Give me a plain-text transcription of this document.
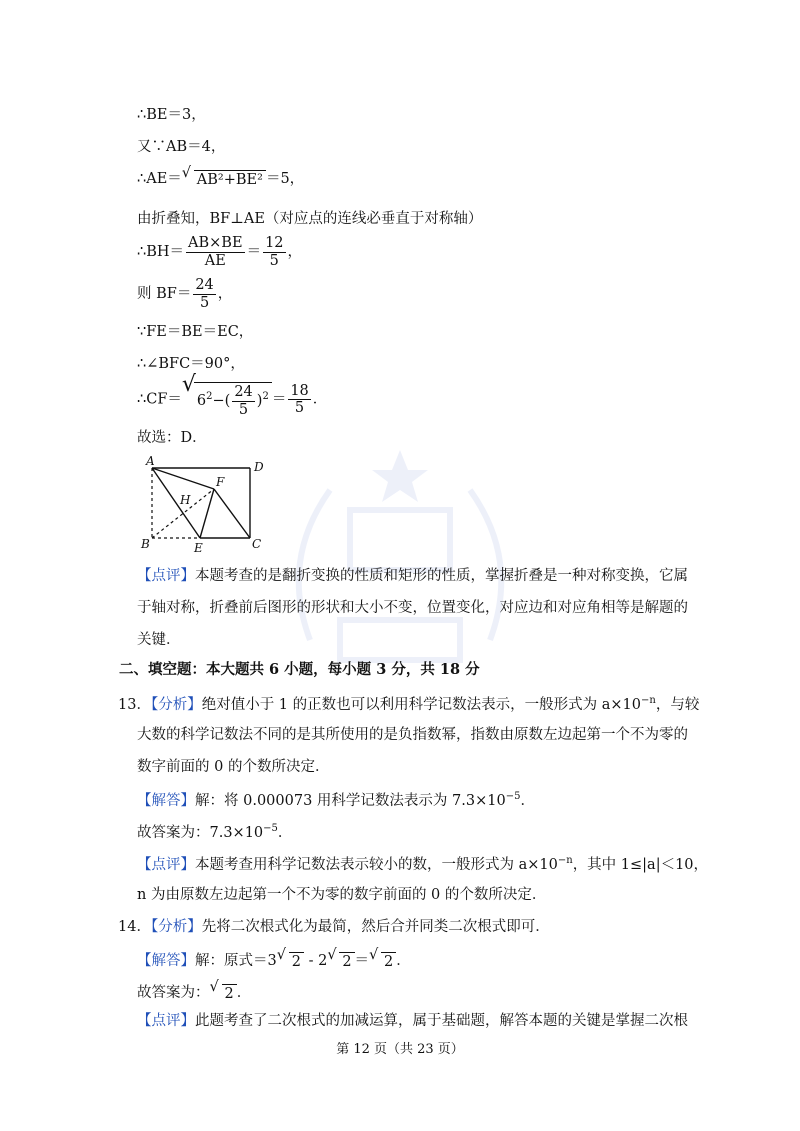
∴BE＝3，
又∵AB＝4，
∴AE＝ √ AB²+BE² ＝5，
由折叠知，BF⊥AE（对应点的连线必垂直于对称轴）
∴BH＝ $\frac{AB\times BE}{AE} = \frac{12}{5}$ ，
则 $BF= \frac{24}{5}$ ，
∵FE＝BE＝EC，
∴∠BFC＝90°，
∴CF＝
√
$6^2-( \frac{24}{5} )^2 = \frac{18}{5}$ ．
故选：D．
A	D
B	C
E
F
H
【点评】本题考查的是翻折变换的性质和矩形的性质，掌握折叠是一种对称变换，它属
于轴对称，折叠前后图形的形状和大小不变，位置变化，对应边和对应角相等是解题的
关键．
二、填空题：本大题共 6 小题，每小题 3 分，共 18 分
13．【分析】绝对值小于 1 的正数也可以利用科学记数法表示，一般形式为 $a\times 10^{-n}$，与较
大数的科学记数法不同的是其所使用的是负指数幂，指数由原数左边起第一个不为零的
数字前面的 0 的个数所决定．
【解答】解：将 0.000073 用科学记数法表示为 $7.3\times 10^{-5}$．
故答案为：$7.3\times 10^{-5}$．
【点评】本题考查用科学记数法表示较小的数，一般形式为 $a\times 10^{-n}$，其中 1≤|a|＜10，
n 为由原数左边起第一个不为零的数字前面的 0 的个数所决定．
14．【分析】先将二次根式化为最简，然后合并同类二次根式即可．
【解答】解：原式＝3 √ 2 - 2 √ 2 ＝ √ 2 ．
故答案为： √ 2 ．
【点评】此题考查了二次根式的加减运算，属于基础题，解答本题的关键是掌握二次根
第 12 页（共 23 页）
